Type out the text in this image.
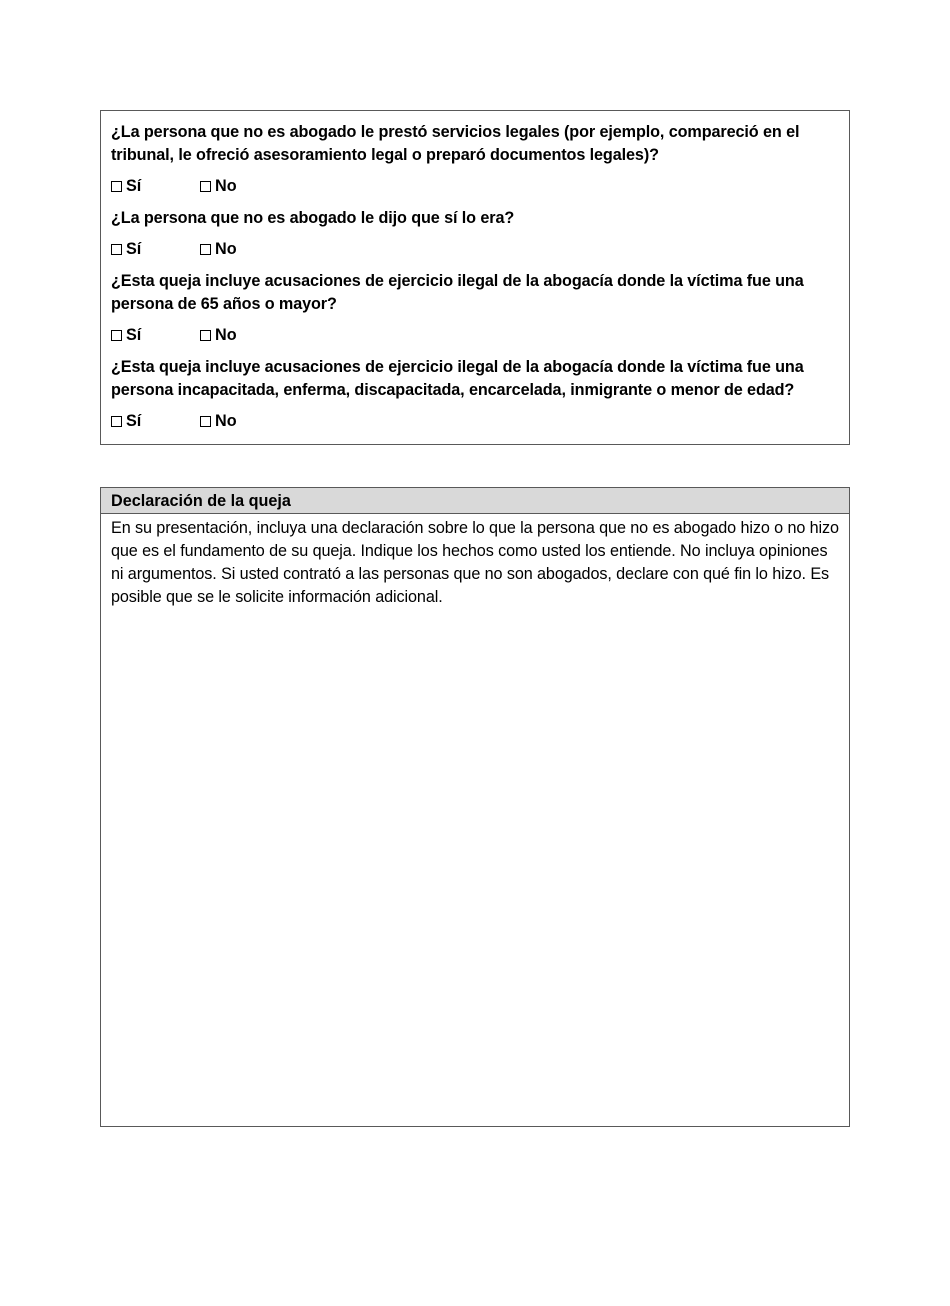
¿La persona que no es abogado le prestó servicios legales (por ejemplo, compareció en el tribunal, le ofreció asesoramiento legal o preparó documentos legales)?

Sí	No

¿La persona que no es abogado le dijo que sí lo era?

Sí	No

¿Esta queja incluye acusaciones de ejercicio ilegal de la abogacía donde la víctima fue una persona de 65 años o mayor?

Sí	No

¿Esta queja incluye acusaciones de ejercicio ilegal de la abogacía donde la víctima fue una persona incapacitada, enferma, discapacitada, encarcelada, inmigrante o menor de edad?

Sí	No
Declaración de la queja
En su presentación, incluya una declaración sobre lo que la persona que no es abogado hizo o no hizo que es el fundamento de su queja. Indique los hechos como usted los entiende. No incluya opiniones ni argumentos. Si usted contrató a las personas que no son abogados, declare con qué fin lo hizo. Es posible que se le solicite información adicional.
